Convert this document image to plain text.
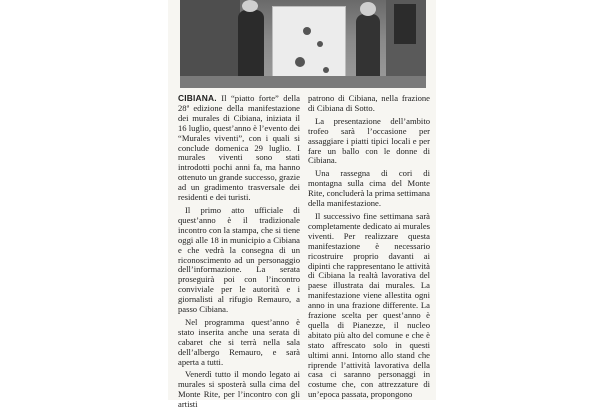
CIBIANA. Il “piatto forte” della 28ª edizione della manifestazione dei murales di Cibiana, iniziata il 16 luglio, quest’anno è l’evento dei “Murales viventi”, con i quali si conclude domenica 29 luglio. I murales viventi sono stati introdotti pochi anni fa, ma hanno ottenuto un grande successo, grazie ad un gradimento trasversale dei residenti e dei turisti.

Il primo atto ufficiale di quest’anno è il tradizionale incontro con la stampa, che si tiene oggi alle 18 in municipio a Cibiana e che vedrà la consegna di un riconoscimento ad un personaggio dell’informazione. La serata proseguirà poi con l’incontro conviviale per le autorità e i giornalisti al rifugio Remauro, a passo Cibiana.

Nel programma quest’anno è stato inserita anche una serata di cabaret che si terrà nella sala dell’albergo Remauro, e sarà aperta a tutti.

Venerdì tutto il mondo legato ai murales si sposterà sulla cima del Monte Rite, per l’incontro con gli artisti

patrono di Cibiana, nella frazione di Cibiana di Sotto.

La presentazione dell’ambito trofeo sarà l’occasione per assaggiare i piatti tipici locali e per fare un ballo con le donne di Cibiana.

Una rassegna di cori di montagna sulla cima del Monte Rite, concluderà la prima settimana della manifestazione.

Il successivo fine settimana sarà completamente dedicato ai murales viventi. Per realizzare questa manifestazione è necessario ricostruire proprio davanti ai dipinti che rappresentano le attività di Cibiana la realtà lavorativa del paese illustrata dai murales. La manifestazione viene allestita ogni anno in una frazione differente. La frazione scelta per quest’anno è quella di Pianezze, il nucleo abitato più alto del comune e che è stato affrescato solo in questi ultimi anni. Intorno allo stand che riprende l’attività lavorativa della casa ci saranno personaggi in costume che, con attrezzature di un’epoca passata, propongono
